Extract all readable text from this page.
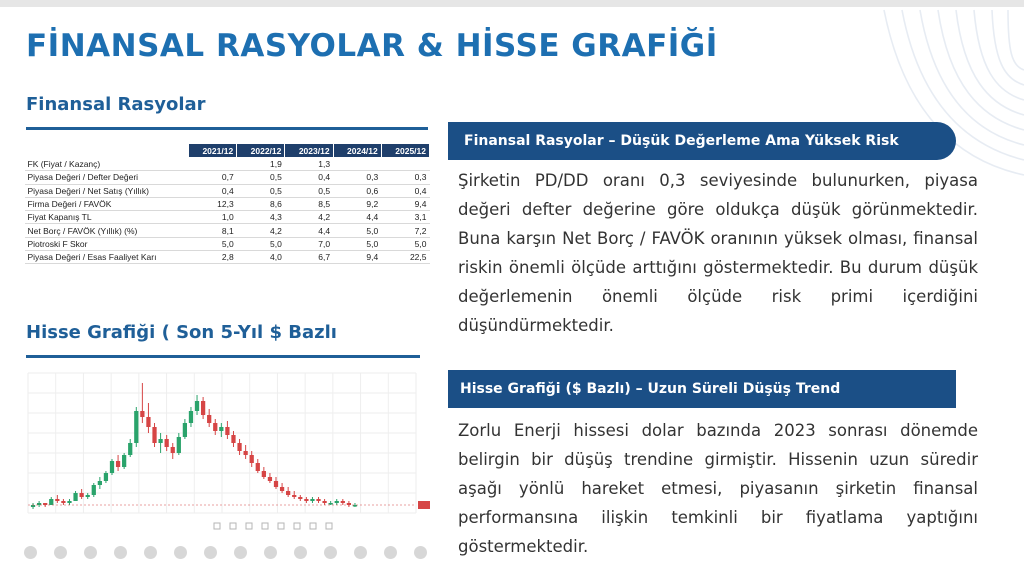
FİNANSAL RASYOLAR & HİSSE GRAFİĞİ
Finansal Rasyolar
	2021/12	2022/12	2023/12	2024/12	2025/12
FK (Fiyat / Kazanç)		1,9	1,3		
Piyasa Değeri / Defter Değeri	0,7	0,5	0,4	0,3	0,3
Piyasa Değeri / Net Satış (Yıllık)	0,4	0,5	0,5	0,6	0,4
Firma Değeri / FAVÖK	12,3	8,6	8,5	9,2	9,4
Fiyat Kapanış TL	1,0	4,3	4,2	4,4	3,1
Net Borç / FAVÖK (Yıllık) (%)	8,1	4,2	4,4	5,0	7,2
Piotroski F Skor	5,0	5,0	7,0	5,0	5,0
Piyasa Değeri / Esas Faaliyet Karı	2,8	4,0	6,7	9,4	22,5
Hisse Grafiği ( Son 5-Yıl $ Bazlı
Finansal Rasyolar – Düşük Değerleme Ama Yüksek Risk

Şirketin PD/DD oranı 0,3 seviyesinde bulunurken, piyasa değeri defter değerine göre oldukça düşük görünmektedir. Buna karşın Net Borç / FAVÖK oranının yüksek olması, finansal riskin önemli ölçüde arttığını göstermektedir. Bu durum düşük değerlemenin önemli ölçüde risk primi içerdiğini düşündürmektedir.

Hisse Grafiği ($ Bazlı) – Uzun Süreli Düşüş Trend

Zorlu Enerji hissesi dolar bazında 2023 sonrası dönemde belirgin bir düşüş trendine girmiştir. Hissenin uzun süredir aşağı yönlü hareket etmesi, piyasanın şirketin finansal performansına ilişkin temkinli bir fiyatlama yaptığını göstermektedir.
